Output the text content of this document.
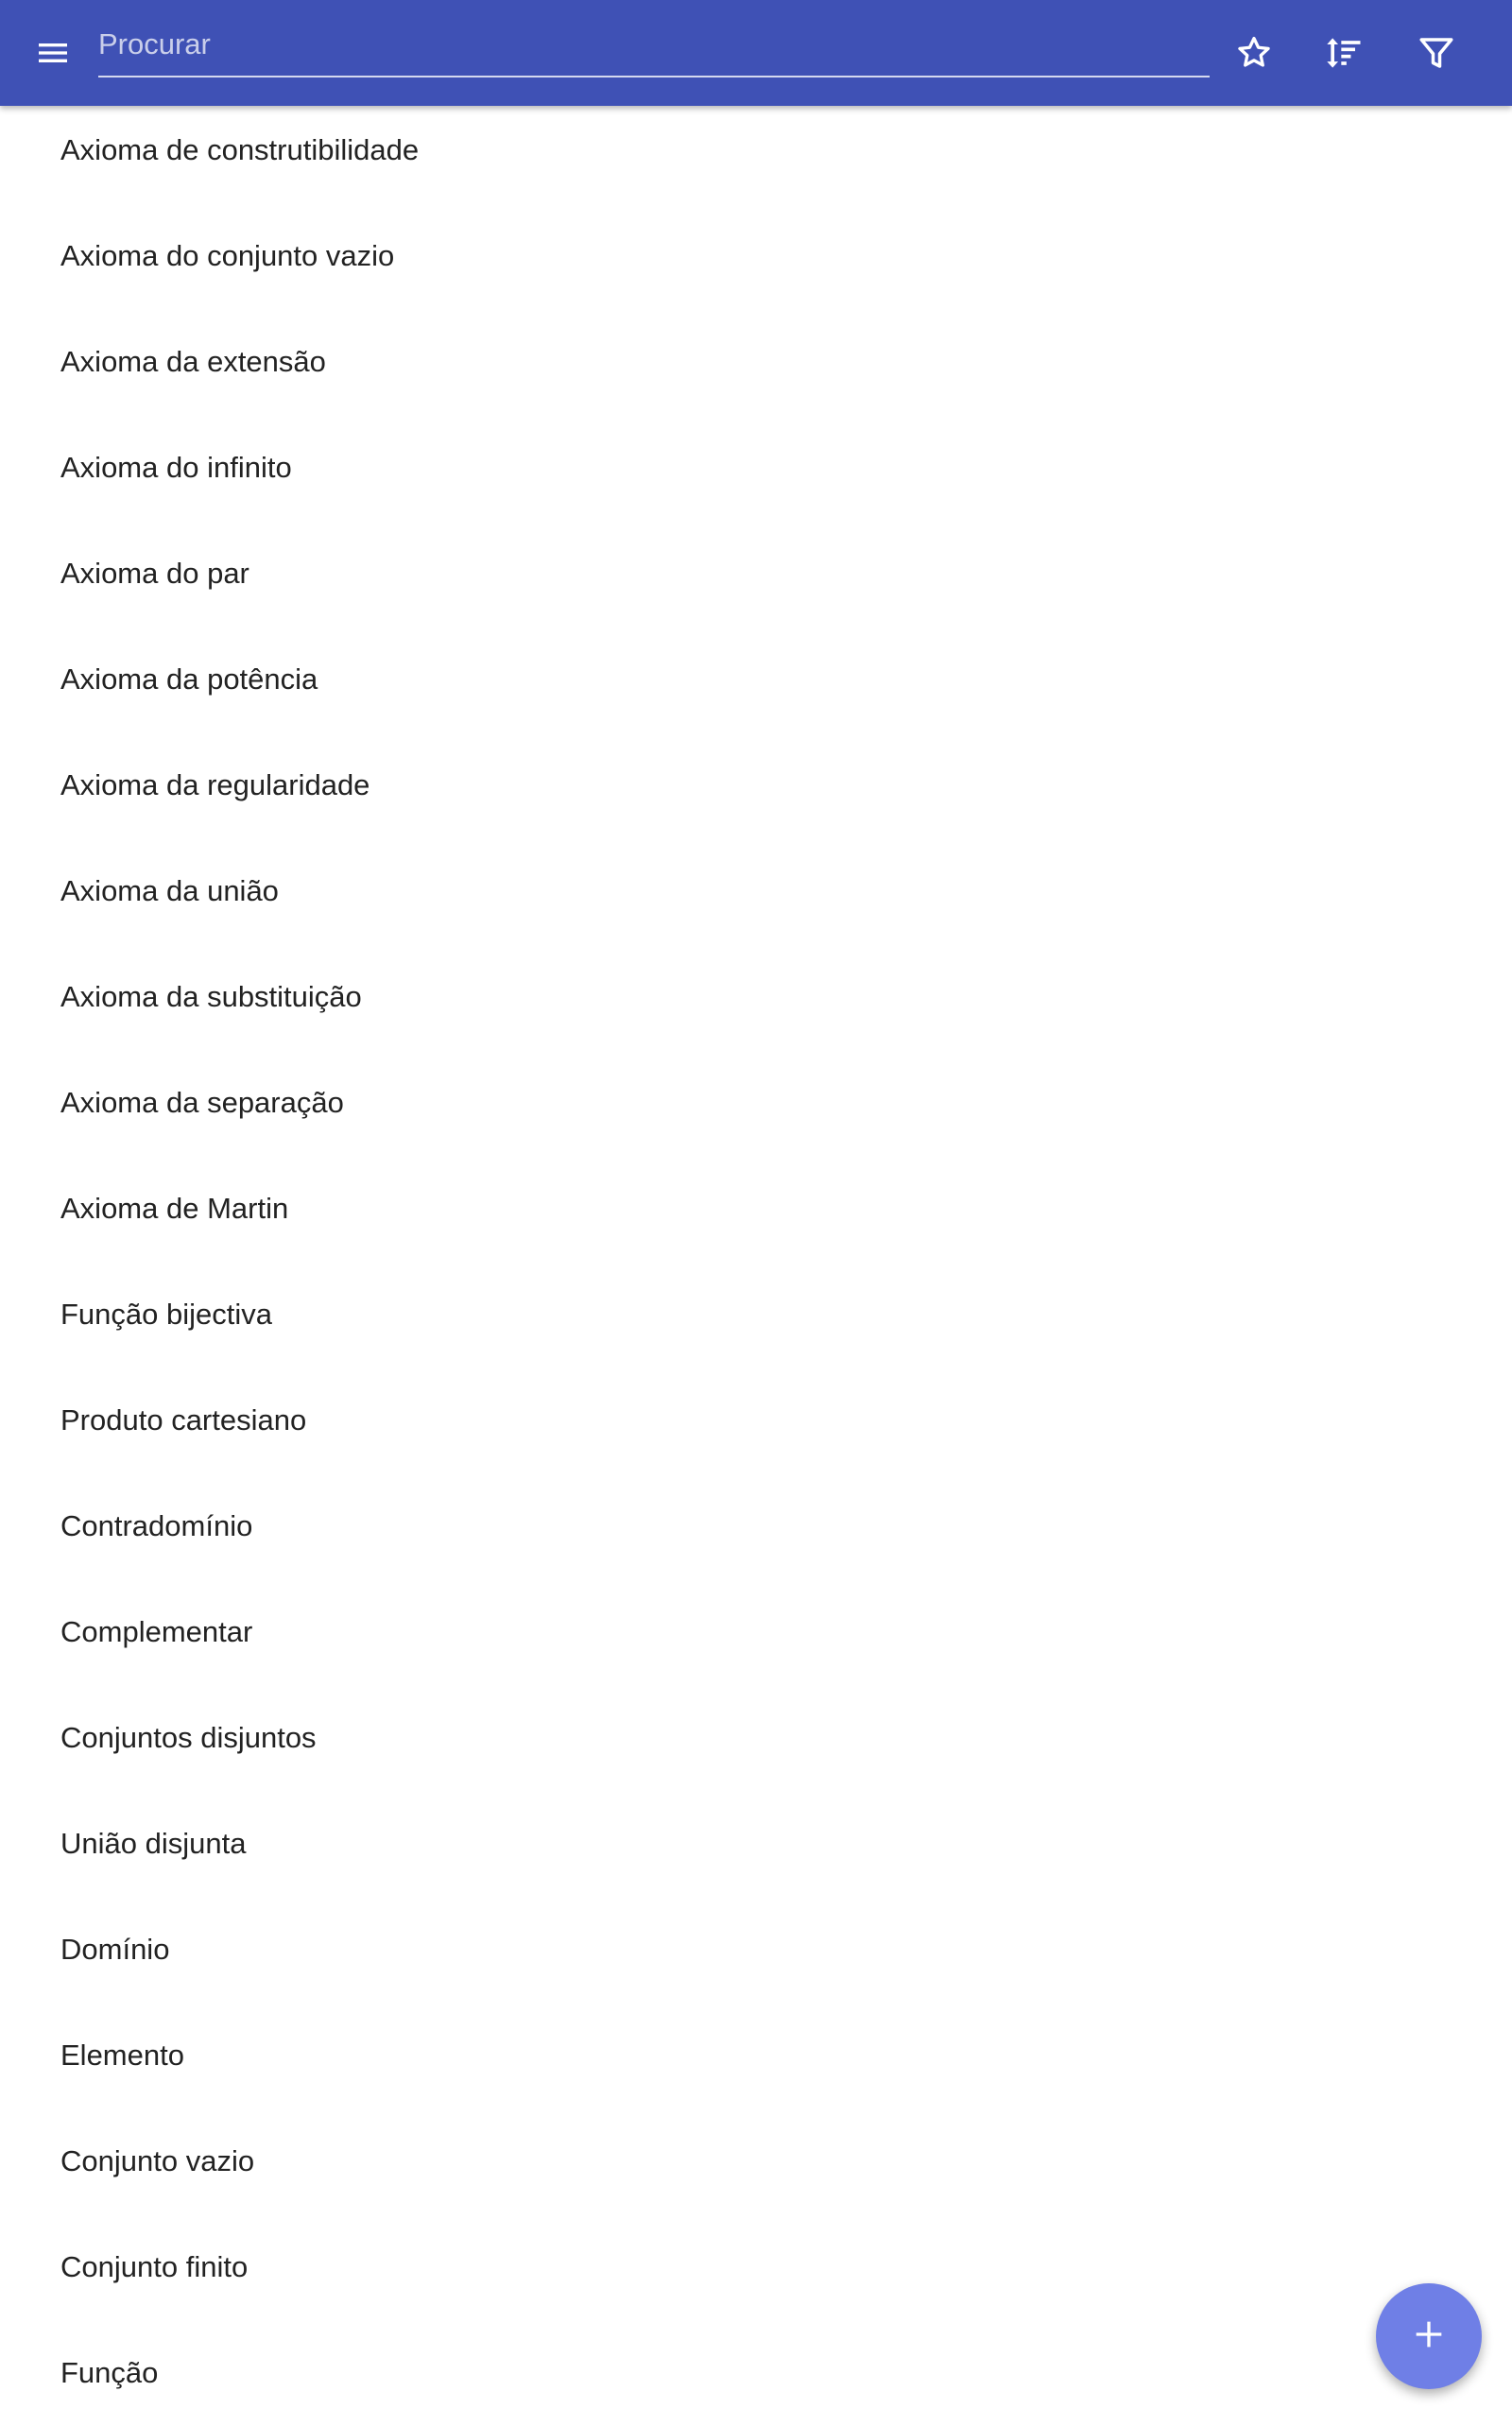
Procurar
Axioma de construtibilidade
Axioma do conjunto vazio
Axioma da extensão
Axioma do infinito
Axioma do par
Axioma da potência
Axioma da regularidade
Axioma da união
Axioma da substituição
Axioma da separação
Axioma de Martin
Função bijectiva
Produto cartesiano
Contradomínio
Complementar
Conjuntos disjuntos
União disjunta
Domínio
Elemento
Conjunto vazio
Conjunto finito
Função
